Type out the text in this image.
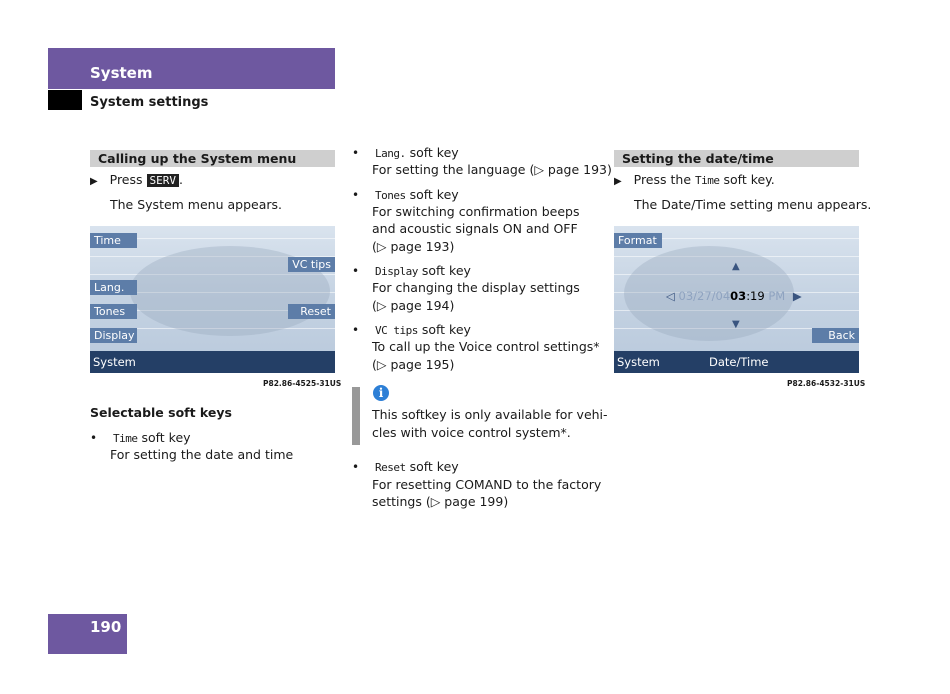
System
System settings
Calling up the System menu
▶ Press SERV .
The System menu appears.
Time
Lang.
Tones
Display
VC tips
Reset
System
P82.86-4525-31US
Selectable soft keys
• Time soft key
For setting the date and time
• Lang. soft key
For setting the language (▷ page 193)
• Tones soft key
For switching confirmation beeps
and acoustic signals ON and OFF
(▷ page 193)
• Display soft key
For changing the display settings
(▷ page 194)
• VC tips soft key
To call up the Voice control settings*
(▷ page 195)
i
This softkey is only available for vehi-
cles with voice control system*.
• Reset soft key
For resetting COMAND to the factory
settings (▷ page 199)
Setting the date/time
▶ Press the Time soft key.
The Date/Time setting menu appears.
Format
▲
◁ 03/27/0403:19 PM ▶
▼
Back
System	Date/Time
P82.86-4532-31US
190
